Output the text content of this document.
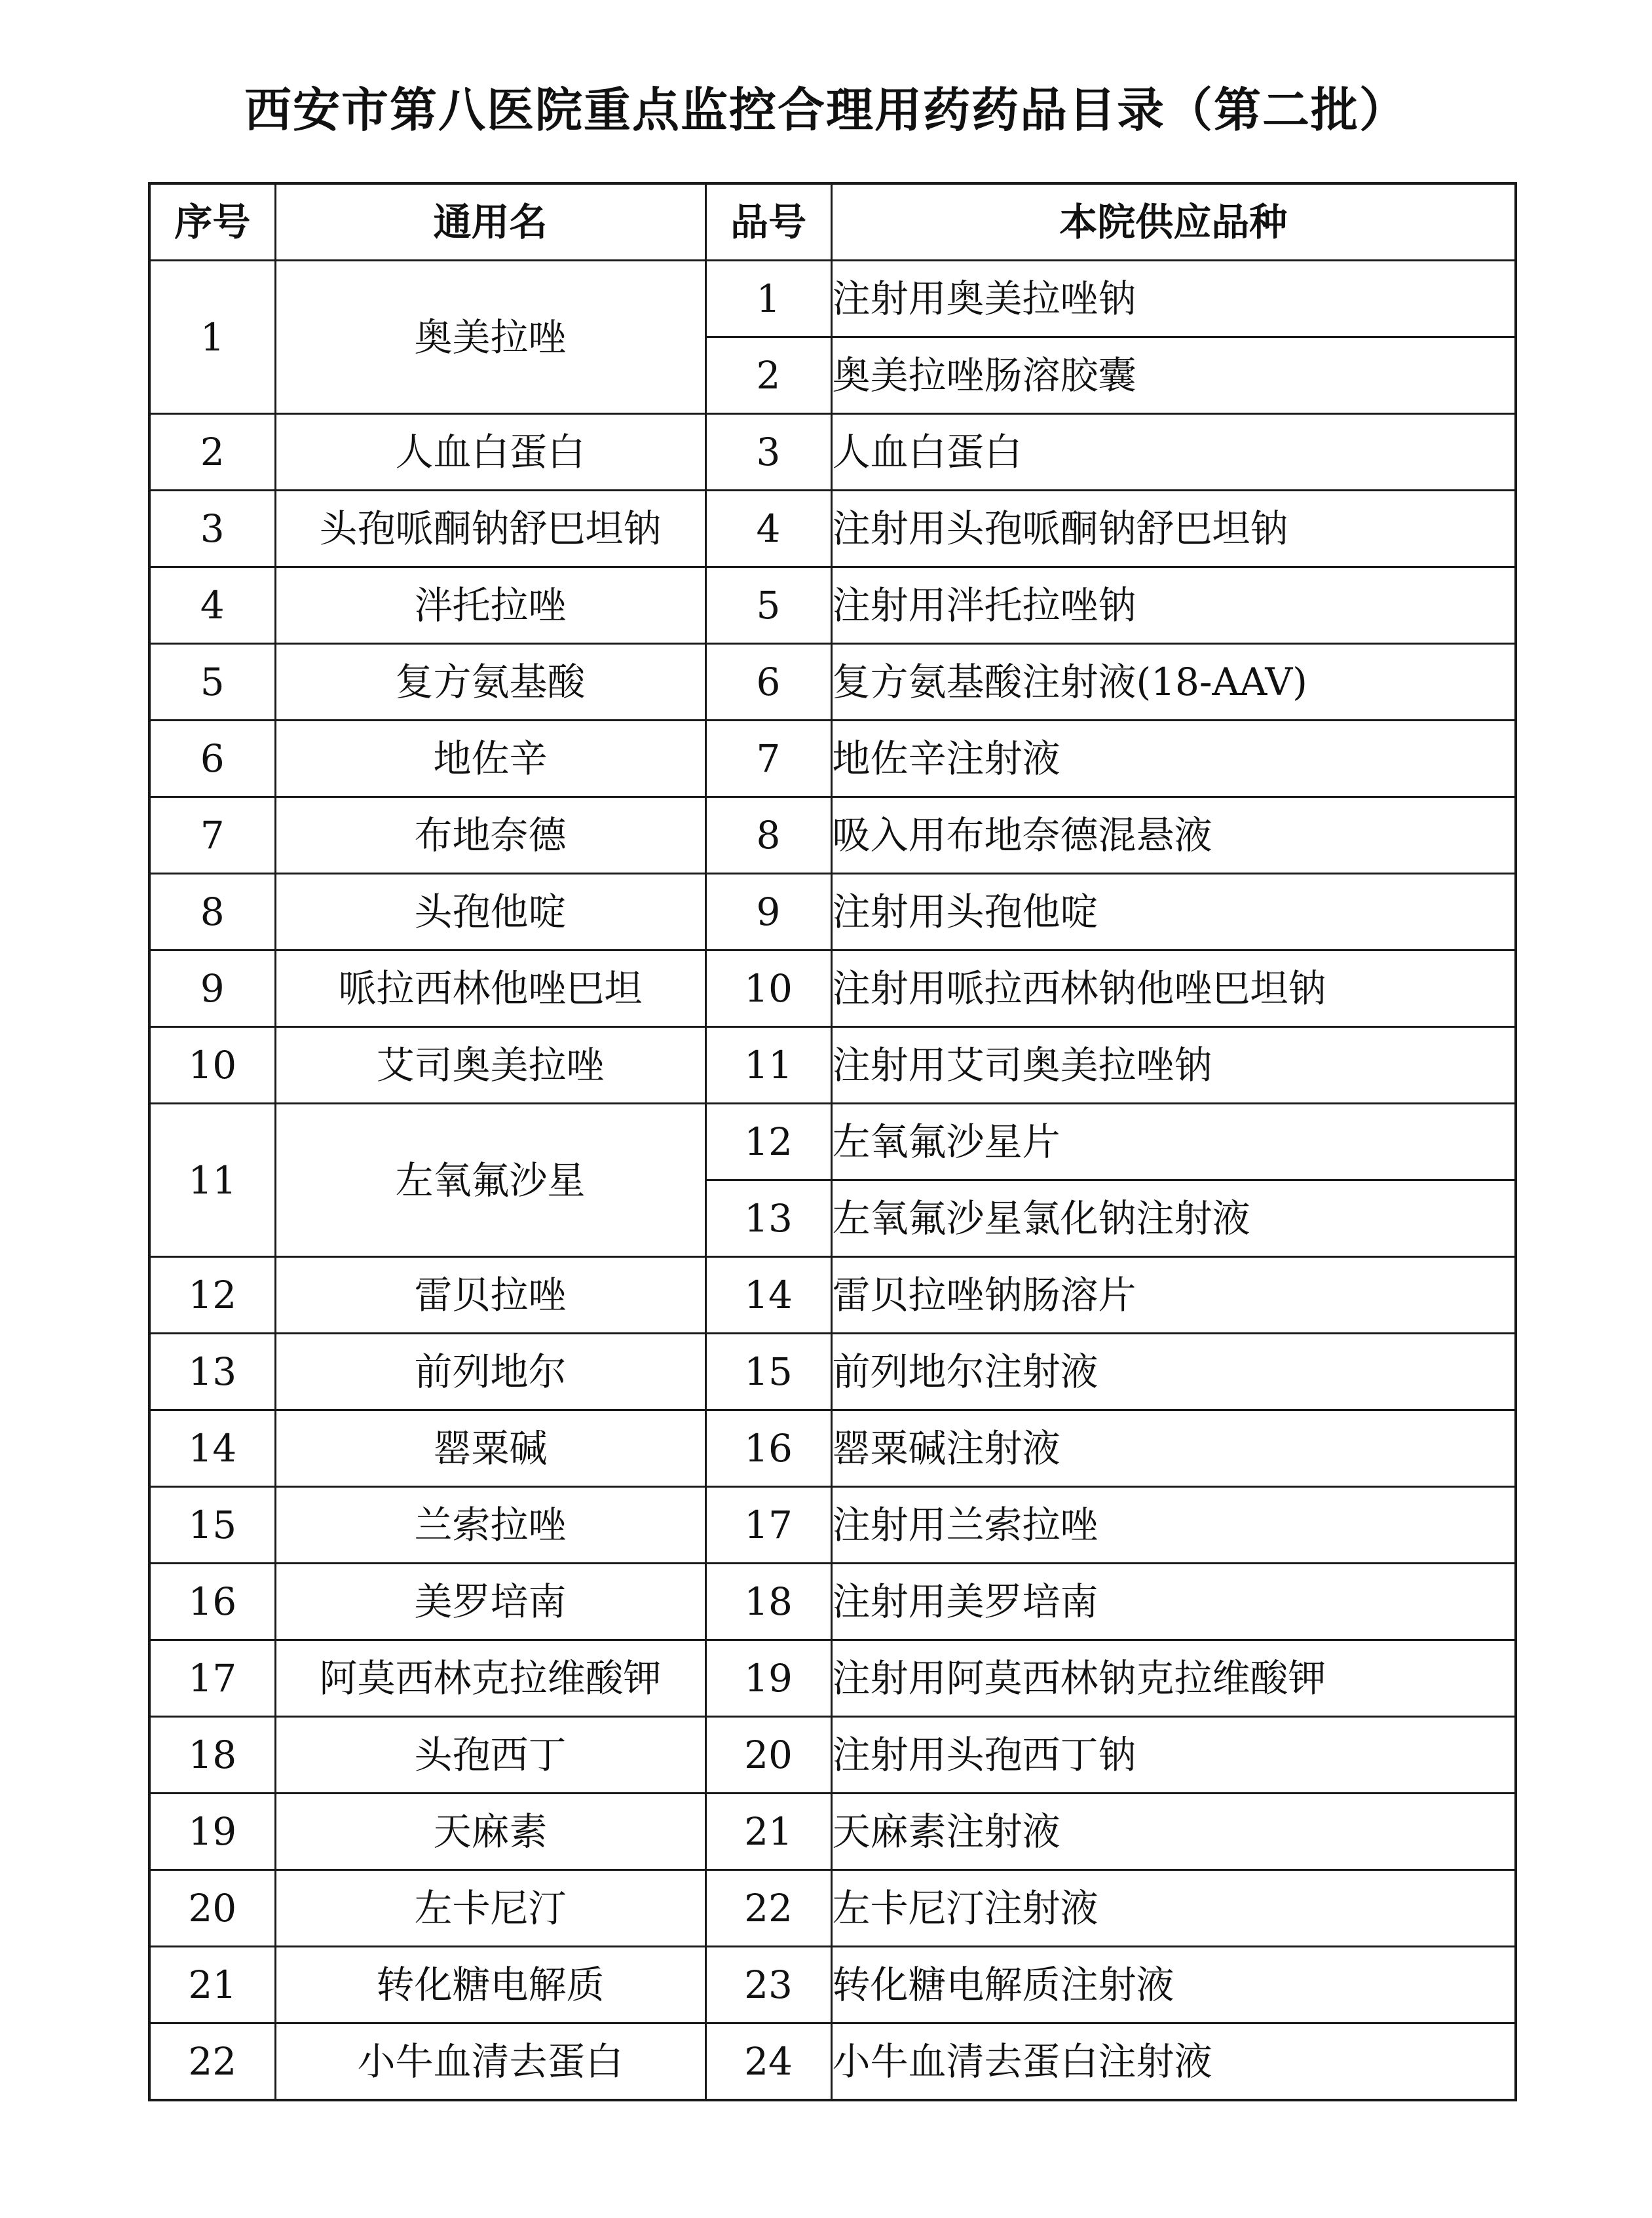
西安市第八医院重点监控合理用药药品目录（第二批）
序号	通用名	品号	本院供应品种
1	奥美拉唑	1	注射用奥美拉唑钠
		2	奥美拉唑肠溶胶囊
2	人血白蛋白	3	人血白蛋白
3	头孢哌酮钠舒巴坦钠	4	注射用头孢哌酮钠舒巴坦钠
4	泮托拉唑	5	注射用泮托拉唑钠
5	复方氨基酸	6	复方氨基酸注射液(18-AAV)
6	地佐辛	7	地佐辛注射液
7	布地奈德	8	吸入用布地奈德混悬液
8	头孢他啶	9	注射用头孢他啶
9	哌拉西林他唑巴坦	10	注射用哌拉西林钠他唑巴坦钠
10	艾司奥美拉唑	11	注射用艾司奥美拉唑钠
11	左氧氟沙星	12	左氧氟沙星片
		13	左氧氟沙星氯化钠注射液
12	雷贝拉唑	14	雷贝拉唑钠肠溶片
13	前列地尔	15	前列地尔注射液
14	罂粟碱	16	罂粟碱注射液
15	兰索拉唑	17	注射用兰索拉唑
16	美罗培南	18	注射用美罗培南
17	阿莫西林克拉维酸钾	19	注射用阿莫西林钠克拉维酸钾
18	头孢西丁	20	注射用头孢西丁钠
19	天麻素	21	天麻素注射液
20	左卡尼汀	22	左卡尼汀注射液
21	转化糖电解质	23	转化糖电解质注射液
22	小牛血清去蛋白	24	小牛血清去蛋白注射液
